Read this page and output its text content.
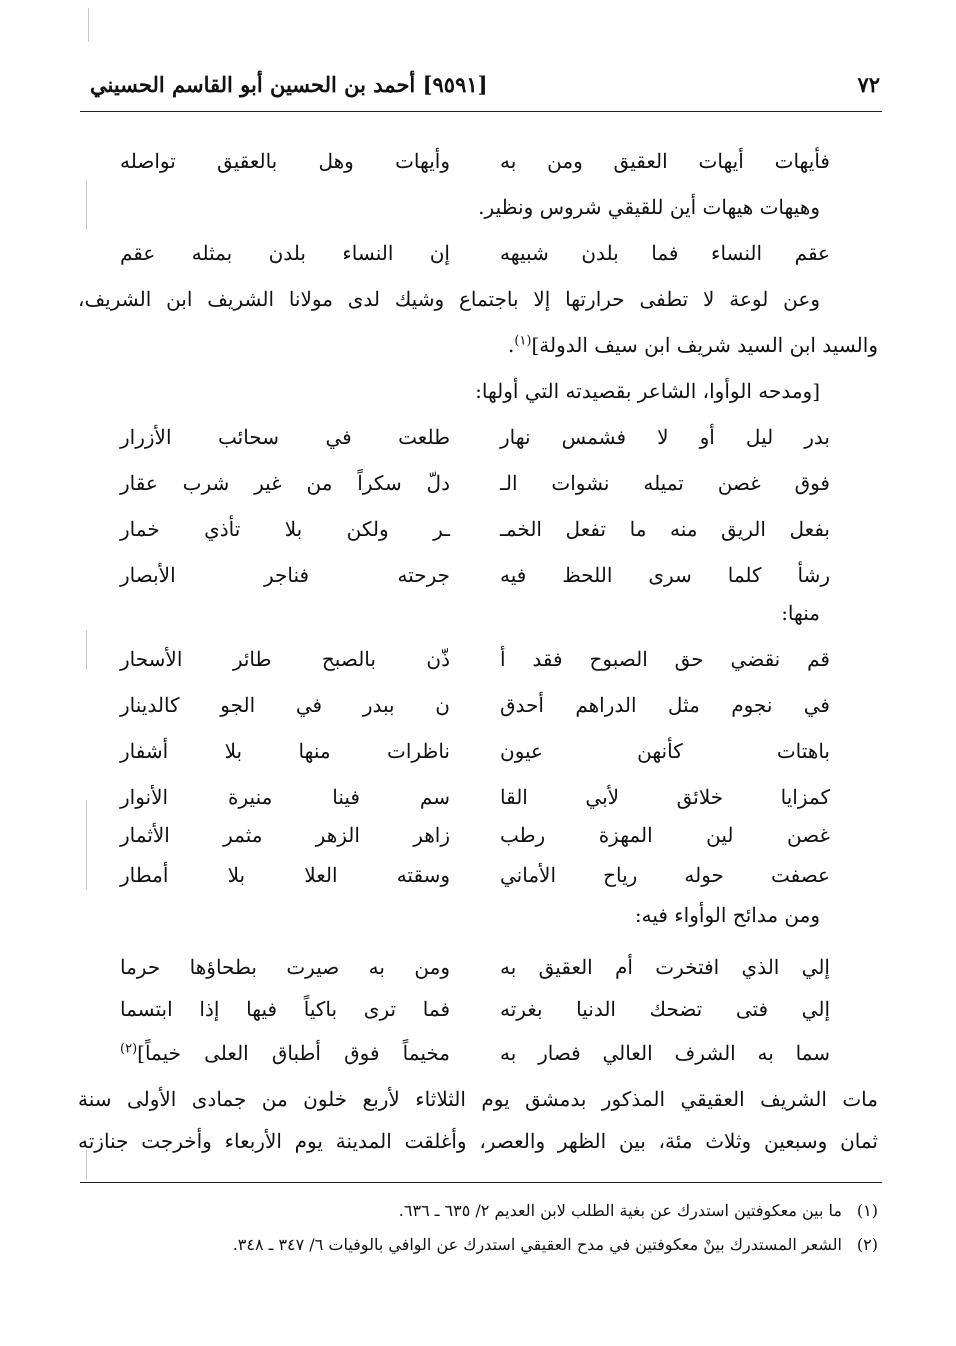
٧٢
[٩٥٩١] أحمد بن الحسين أبو القاسم الحسيني
فأيهات أيهات العقيق ومن به
وأيهات وهل بالعقيق تواصله
وهيهات هيهات أين للقيقي شروس ونظير.
عقم النساء فما بلدن شبيهه
إن النساء بلدن بمثله عقم
وعن لوعة لا تطفى حرارتها إلا باجتماع وشيك لدى مولانا الشريف ابن الشريف،
والسيد ابن السيد شريف ابن سيف الدولة]$^{(١)}$.
[ومدحه الوأوا، الشاعر بقصيدته التي أولها:
بدر ليل أو لا فشمس نهار
طلعت في سحائب الأزرار
فوق غصن تميله نشوات الـ
دلّ سكراً من غير شرب عقار
بفعل الريق منه ما تفعل الخمـ
ـر ولكن بلا تأذي خمار
رشأ كلما سرى اللحظ فيه
جرحته فناجر الأبصار
منها:
قم نقضي حق الصبوح فقد أ
ذّن بالصبح طائر الأسحار
في نجوم مثل الدراهم أحدق
ن ببدر في الجو كالدينار
باهتات كأنهن عيون
ناظرات منها بلا أشفار
كمزايا خلائق لأبي القا
سم فينا منيرة الأنوار
غصن لين المهزة رطب
زاهر الزهر مثمر الأثمار
عصفت حوله رياح الأماني
وسقته العلا بلا أمطار
ومن مدائح الوأواء فيه:
إلي الذي افتخرت أم العقيق به
ومن به صيرت بطحاؤها حرما
إلي فتى تضحك الدنيا بغرته
فما ترى باكياً فيها إذا ابتسما
سما به الشرف العالي فصار به
مخيماً فوق أطباق العلى خيماً]$^{(٢)}$
مات الشريف العقيقي المذكور بدمشق يوم الثلاثاء لأربع خلون من جمادى الأولى سنة
ثمان وسبعين وثلاث مئة، بين الظهر والعصر، وأغلقت المدينة يوم الأربعاء وأخرجت جنازته
(١)ما بين معكوفتين استدرك عن بغية الطلب لابن العديم ٢/ ٦٣٥ ـ ٦٣٦.
(٢)الشعر المستدرك بينْ معكوفتين في مدح العقيقي استدرك عن الوافي بالوفيات ٦/ ٣٤٧ ـ ٣٤٨.
